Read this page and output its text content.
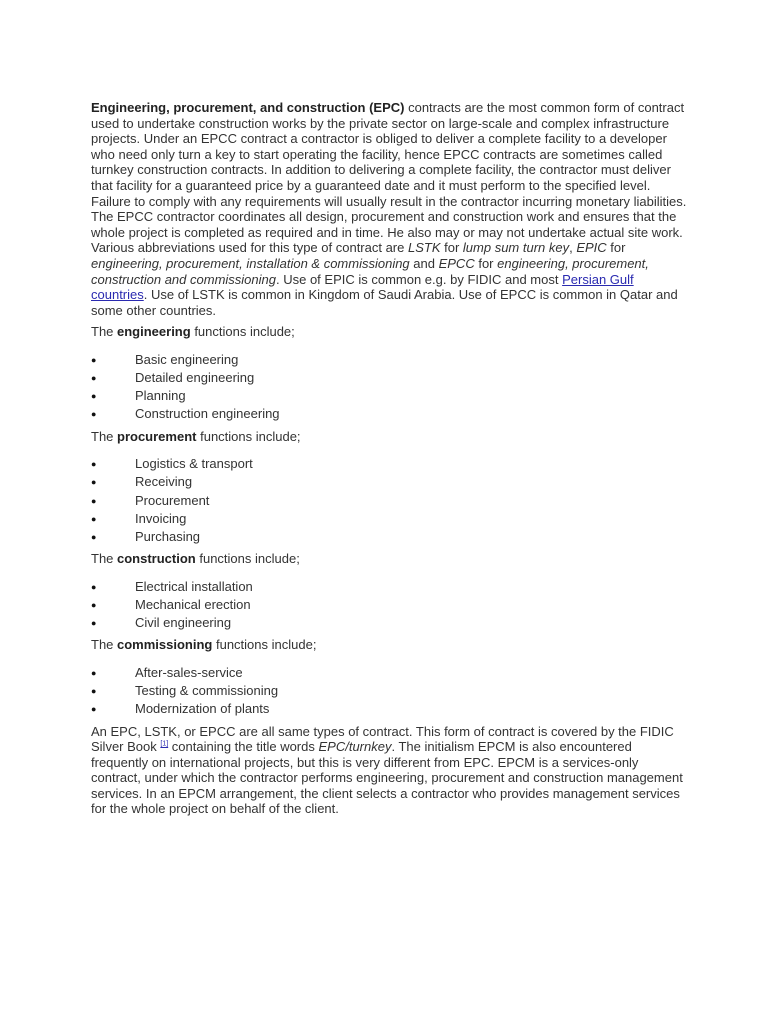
Engineering, procurement, and construction (EPC) contracts are the most common form of contract used to undertake construction works by the private sector on large-scale and complex infrastructure projects. Under an EPCC contract a contractor is obliged to deliver a complete facility to a developer who need only turn a key to start operating the facility, hence EPCC contracts are sometimes called turnkey construction contracts. In addition to delivering a complete facility, the contractor must deliver that facility for a guaranteed price by a guaranteed date and it must perform to the specified level. Failure to comply with any requirements will usually result in the contractor incurring monetary liabilities. The EPCC contractor coordinates all design, procurement and construction work and ensures that the whole project is completed as required and in time. He also may or may not undertake actual site work. Various abbreviations used for this type of contract are LSTK for lump sum turn key, EPIC for engineering, procurement, installation & commissioning and EPCC for engineering, procurement, construction and commissioning. Use of EPIC is common e.g. by FIDIC and most Persian Gulf countries. Use of LSTK is common in Kingdom of Saudi Arabia. Use of EPCC is common in Qatar and some other countries.

The engineering functions include;

●	Basic engineering
●	Detailed engineering
●	Planning
●	Construction engineering

The procurement functions include;

●	Logistics & transport
●	Receiving
●	Procurement
●	Invoicing
●	Purchasing

The construction functions include;

●	Electrical installation
●	Mechanical erection
●	Civil engineering

The commissioning functions include;

●	After-sales-service
●	Testing & commissioning
●	Modernization of plants

An EPC, LSTK, or EPCC are all same types of contract. This form of contract is covered by the FIDIC Silver Book [1] containing the title words EPC/turnkey. The initialism EPCM is also encountered frequently on international projects, but this is very different from EPC. EPCM is a services-only contract, under which the contractor performs engineering, procurement and construction management services. In an EPCM arrangement, the client selects a contractor who provides management services for the whole project on behalf of the client.
